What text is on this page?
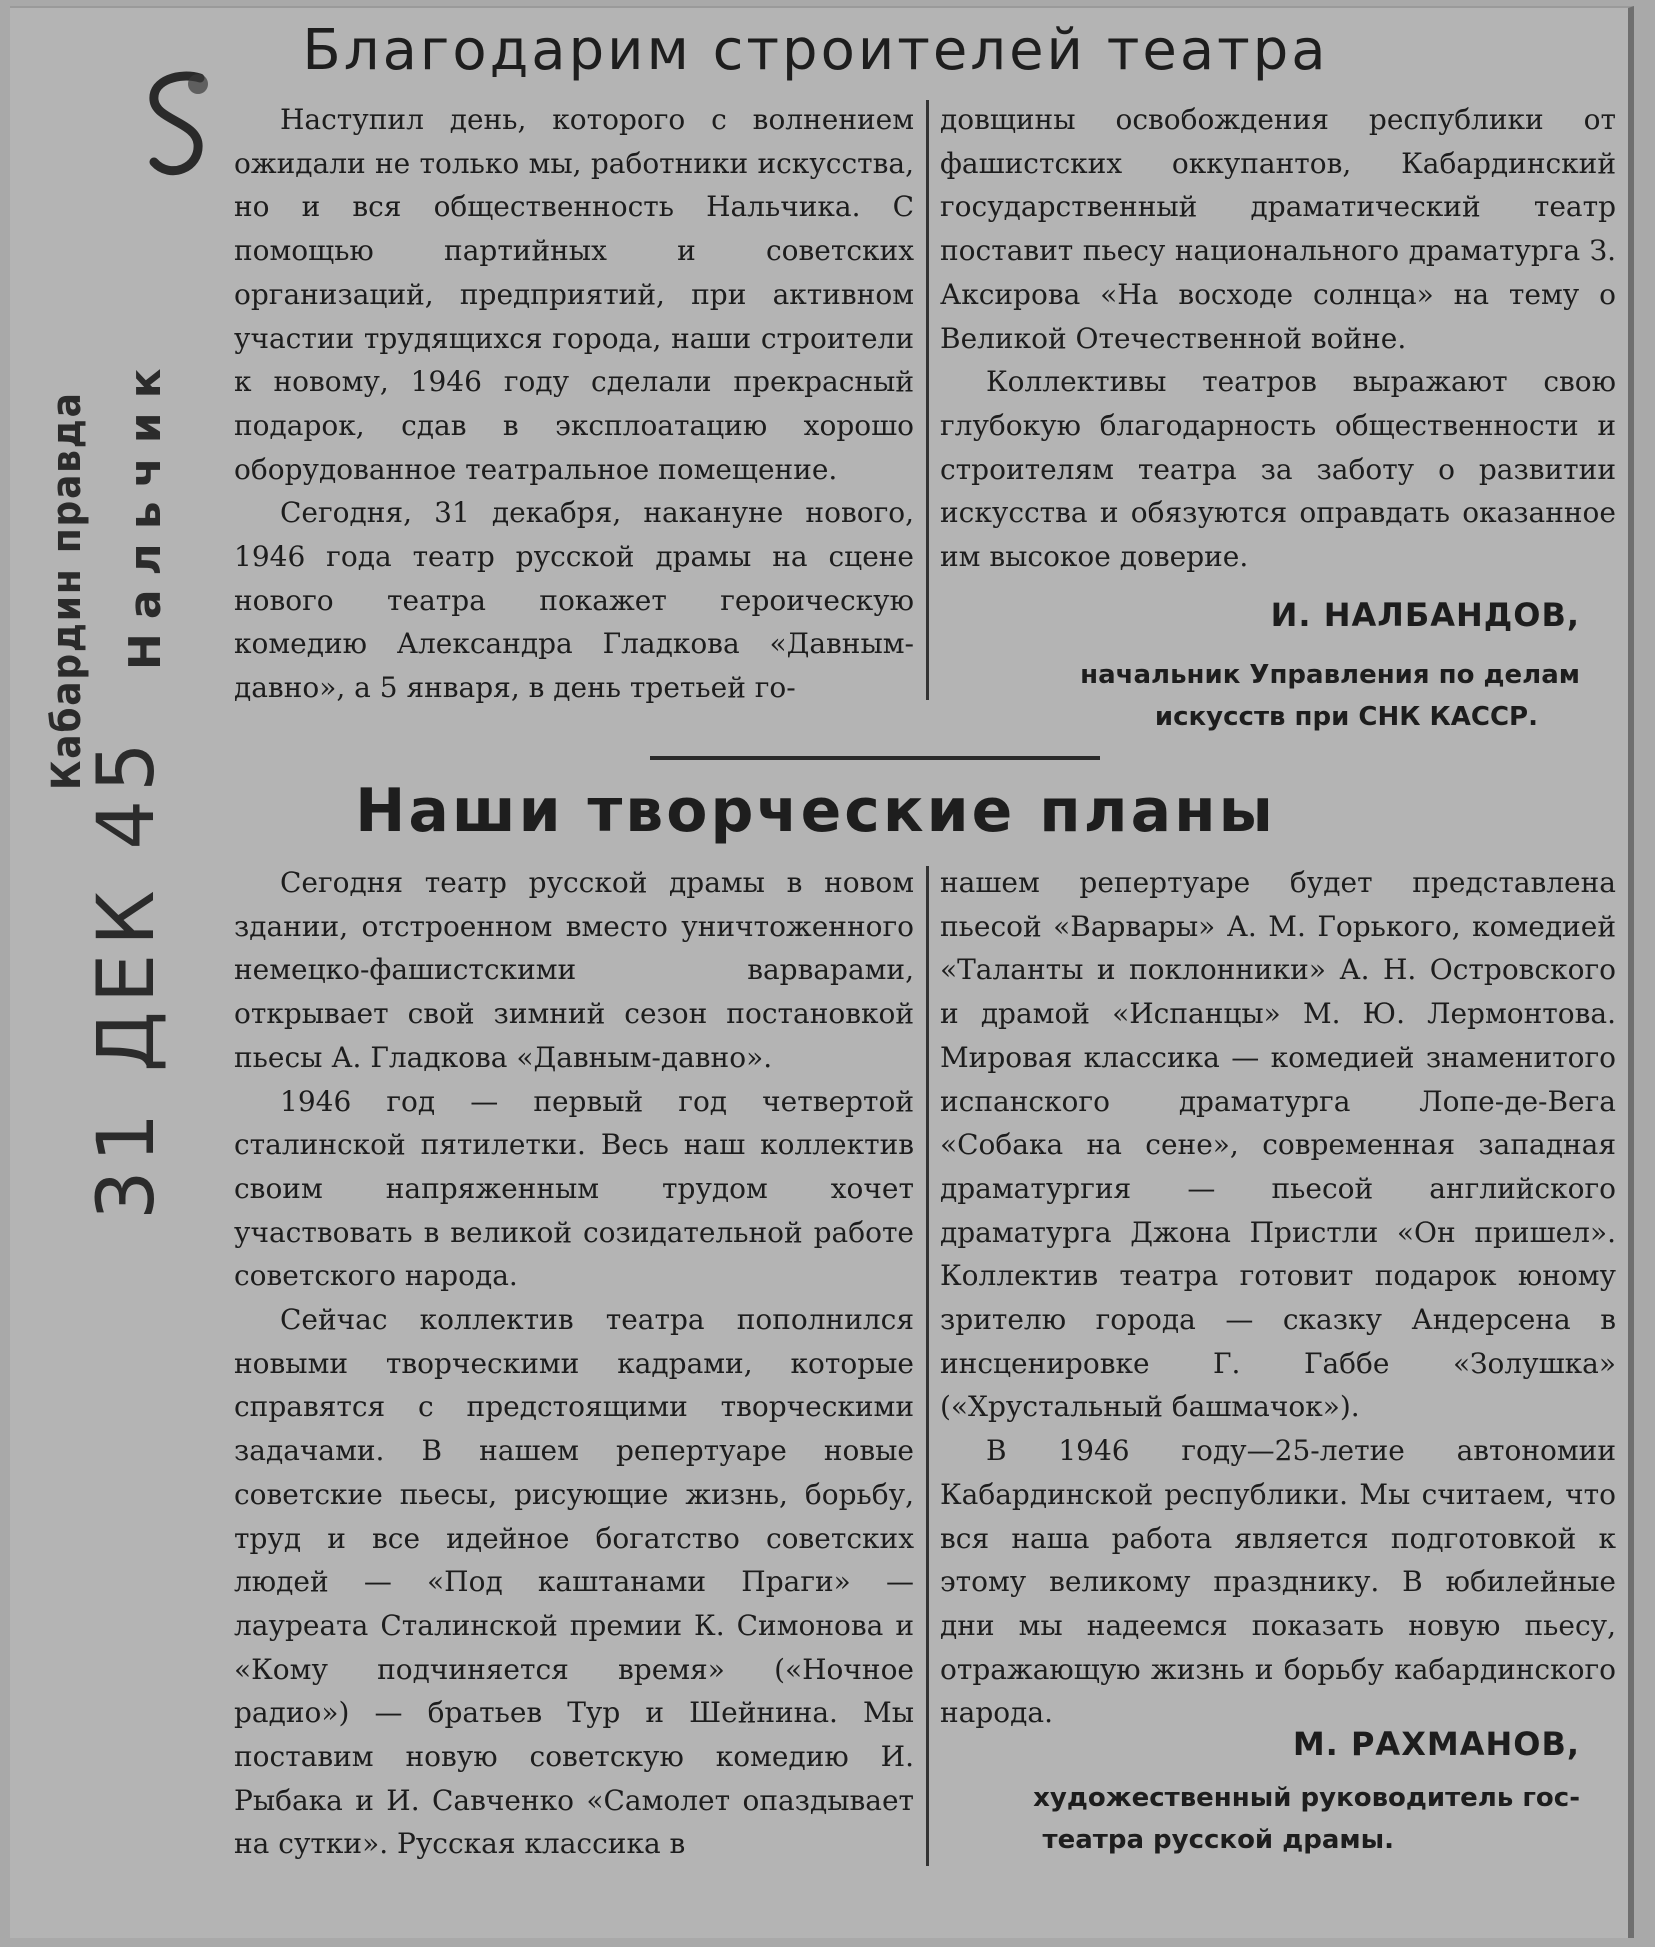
Кабардин правда Нальчик
31 ДЕК 45
Благодарим строителей театра

Наступил день, которого с волнением ожидали не только мы, работники искусства, но и вся общественность Нальчика. С помощью партийных и советских организаций, предприятий, при активном участии трудящихся города, наши строители к новому, 1946 году сделали прекрасный подарок, сдав в эксплоатацию хорошо оборудованное театральное помещение.

Сегодня, 31 декабря, накануне нового, 1946 года театр русской драмы на сцене нового театра покажет героическую комедию Александра Гладкова «Давным-давно», а 5 января, в день третьей го-

довщины освобождения республики от фашистских оккупантов, Кабардинский государственный драматический театр поставит пьесу национального драматурга З. Аксирова «На восходе солнца» на тему о Великой Отечественной войне.

Коллективы театров выражают свою глубокую благодарность общественности и строителям театра за заботу о развитии искусства и обязуются оправдать оказанное им высокое доверие.

И. НАЛБАНДОВ,
начальник Управления по делам
искусств при СНК КАССР.
Наши творческие планы

Сегодня театр русской драмы в новом здании, отстроенном вместо уничтоженного немецко-фашистскими варварами, открывает свой зимний сезон постановкой пьесы А. Гладкова «Давным-давно».

1946 год — первый год четвертой сталинской пятилетки. Весь наш коллектив своим напряженным трудом хочет участвовать в великой созидательной работе советского народа.

Сейчас коллектив театра пополнился новыми творческими кадрами, которые справятся с предстоящими творческими задачами. В нашем репертуаре новые советские пьесы, рисующие жизнь, борьбу, труд и все идейное богатство советских людей — «Под каштанами Праги» — лауреата Сталинской премии К. Симонова и «Кому подчиняется время» («Ночное радио») — братьев Тур и Шейнина. Мы поставим новую советскую комедию И. Рыбака и И. Савченко «Самолет опаздывает на сутки». Русская классика в

нашем репертуаре будет представлена пьесой «Варвары» А. М. Горького, комедией «Таланты и поклонники» А. Н. Островского и драмой «Испанцы» М. Ю. Лермонтова. Мировая классика — комедией знаменитого испанского драматурга Лопе-де-Вега «Собака на сене», современная западная драматургия — пьесой английского драматурга Джона Пристли «Он пришел». Коллектив театра готовит подарок юному зрителю города — сказку Андерсена в инсценировке Г. Габбе «Золушка» («Хрустальный башмачок»).

В 1946 году—25-летие автономии Кабардинской республики. Мы считаем, что вся наша работа является подготовкой к этому великому празднику. В юбилейные дни мы надеемся показать новую пьесу, отражающую жизнь и борьбу кабардинского народа.

М. РАХМАНОВ,
художественный руководитель гос-
театра русской драмы.
